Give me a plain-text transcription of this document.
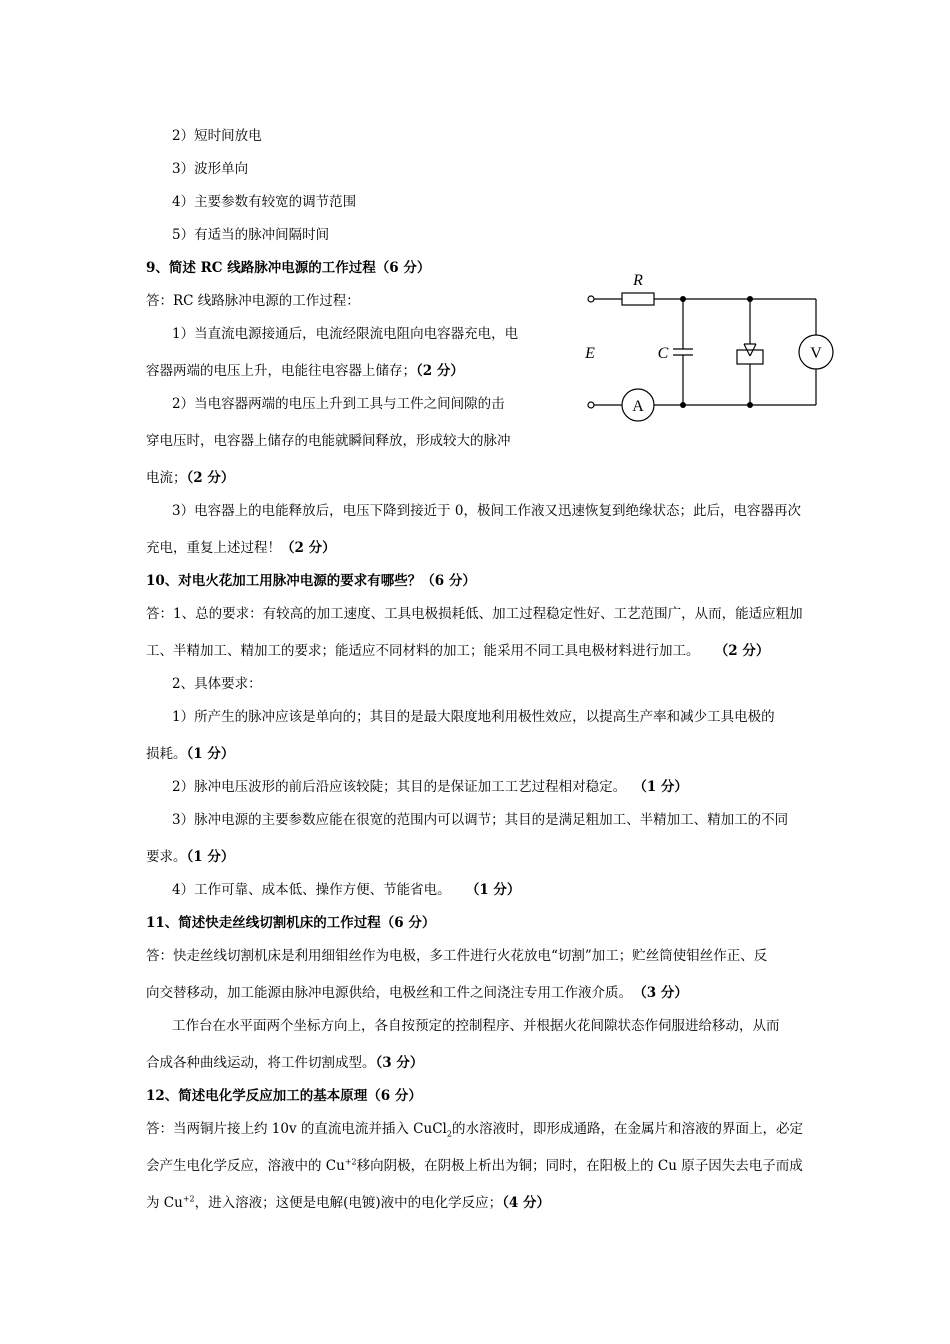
2）短时间放电
3）波形单向
4）主要参数有较宽的调节范围
5）有适当的脉冲间隔时间
9、简述 RC 线路脉冲电源的工作过程（6 分）
答：RC 线路脉冲电源的工作过程：
1）当直流电源接通后，电流经限流电阻向电容器充电，电
容器两端的电压上升，电能往电容器上储存；（2 分）
2）当电容器两端的电压上升到工具与工件之间间隙的击
穿电压时，电容器上储存的电能就瞬间释放，形成较大的脉冲
电流；（2 分）
3）电容器上的电能释放后，电压下降到接近于 0，极间工作液又迅速恢复到绝缘状态；此后，电容器再次
充电，重复上述过程！（2 分）
A
V
R
E	C
10、对电火花加工用脉冲电源的要求有哪些？（6 分）
答：1、总的要求：有较高的加工速度、工具电极损耗低、加工过程稳定性好、工艺范围广，从而，能适应粗加
工、半精加工、精加工的要求；能适应不同材料的加工；能采用不同工具电极材料进行加工。 （2 分）
2、具体要求：
1）所产生的脉冲应该是单向的；其目的是最大限度地利用极性效应，以提高生产率和减少工具电极的
损耗。（1 分）
2）脉冲电压波形的前后沿应该较陡；其目的是保证加工工艺过程相对稳定。 （1 分）
3）脉冲电源的主要参数应能在很宽的范围内可以调节；其目的是满足粗加工、半精加工、精加工的不同
要求。（1 分）
4）工作可靠、成本低、操作方便、节能省电。 （1 分）
11、简述快走丝线切割机床的工作过程（6 分）
答：快走丝线切割机床是利用细钼丝作为电极，多工件进行火花放电“切割”加工；贮丝筒使钼丝作正、反
向交替移动，加工能源由脉冲电源供给，电极丝和工件之间浇注专用工作液介质。 （3 分）
工作台在水平面两个坐标方向上，各自按预定的控制程序、并根据火花间隙状态作伺服进给移动，从而
合成各种曲线运动，将工件切割成型。（3 分）
12、简述电化学反应加工的基本原理（6 分）
答：当两铜片接上约 10v 的直流电流并插入 CuCl$_2$的水溶液时，即形成通路，在金属片和溶液的界面上，必定
会产生电化学反应，溶液中的 $Cu^{+2}$移向阴极，在阴极上析出为铜；同时，在阳极上的 Cu 原子因失去电子而成
为 $Cu^{+2}$，进入溶液；这便是电解(电镀)液中的电化学反应；（4 分）
